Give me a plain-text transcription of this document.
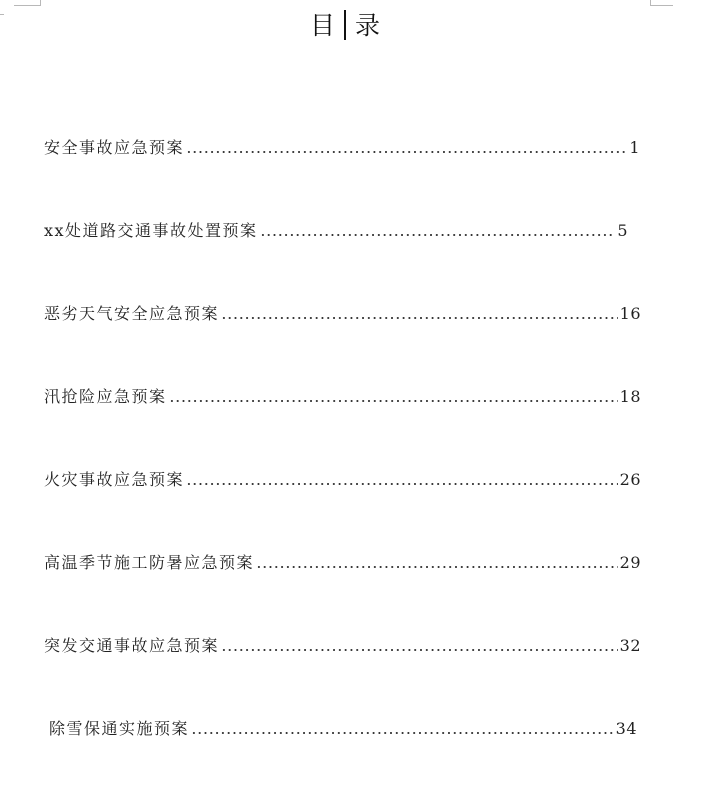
目 录
安全事故应急预案	1
xx处道路交通事故处置预案	5
恶劣天气安全应急预案	16
汛抢险应急预案	18
火灾事故应急预案	26
高温季节施工防暑应急预案	29
突发交通事故应急预案	32
除雪保通实施预案	34
